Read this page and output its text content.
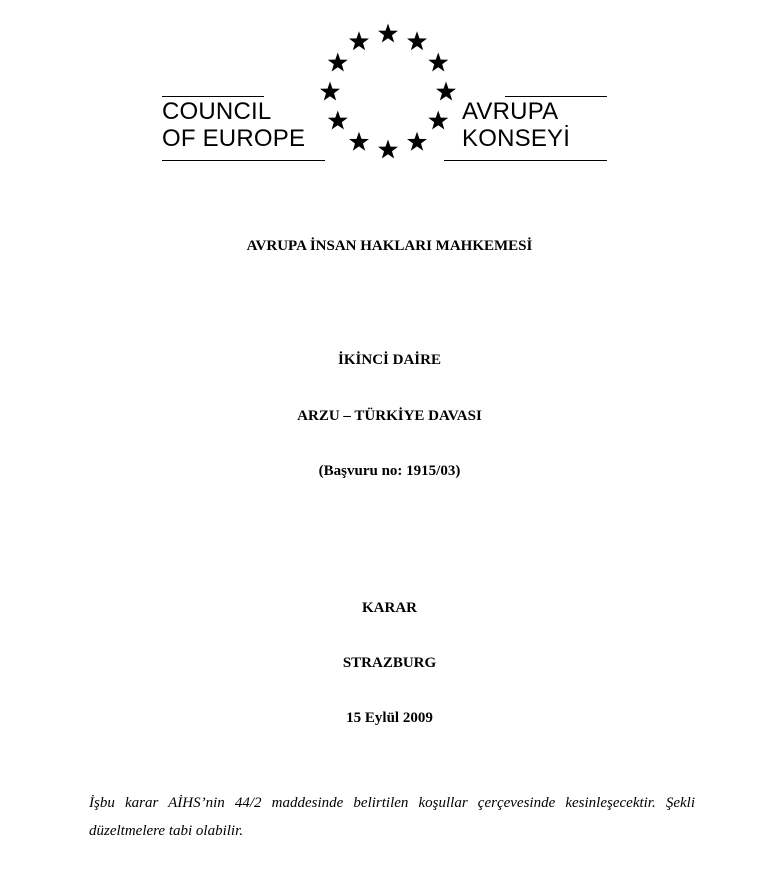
COUNCIL
OF EUROPE
AVRUPA
KONSEYİ
AVRUPA İNSAN HAKLARI MAHKEMESİ
İKİNCİ DAİRE
ARZU – TÜRKİYE DAVASI
(Başvuru no: 1915/03)
KARAR
STRAZBURG
15 Eylül 2009
İşbu karar AİHS’nin 44/2 maddesinde belirtilen koşullar çerçevesinde kesinleşecektir. Şekli düzeltmelere tabi olabilir.
